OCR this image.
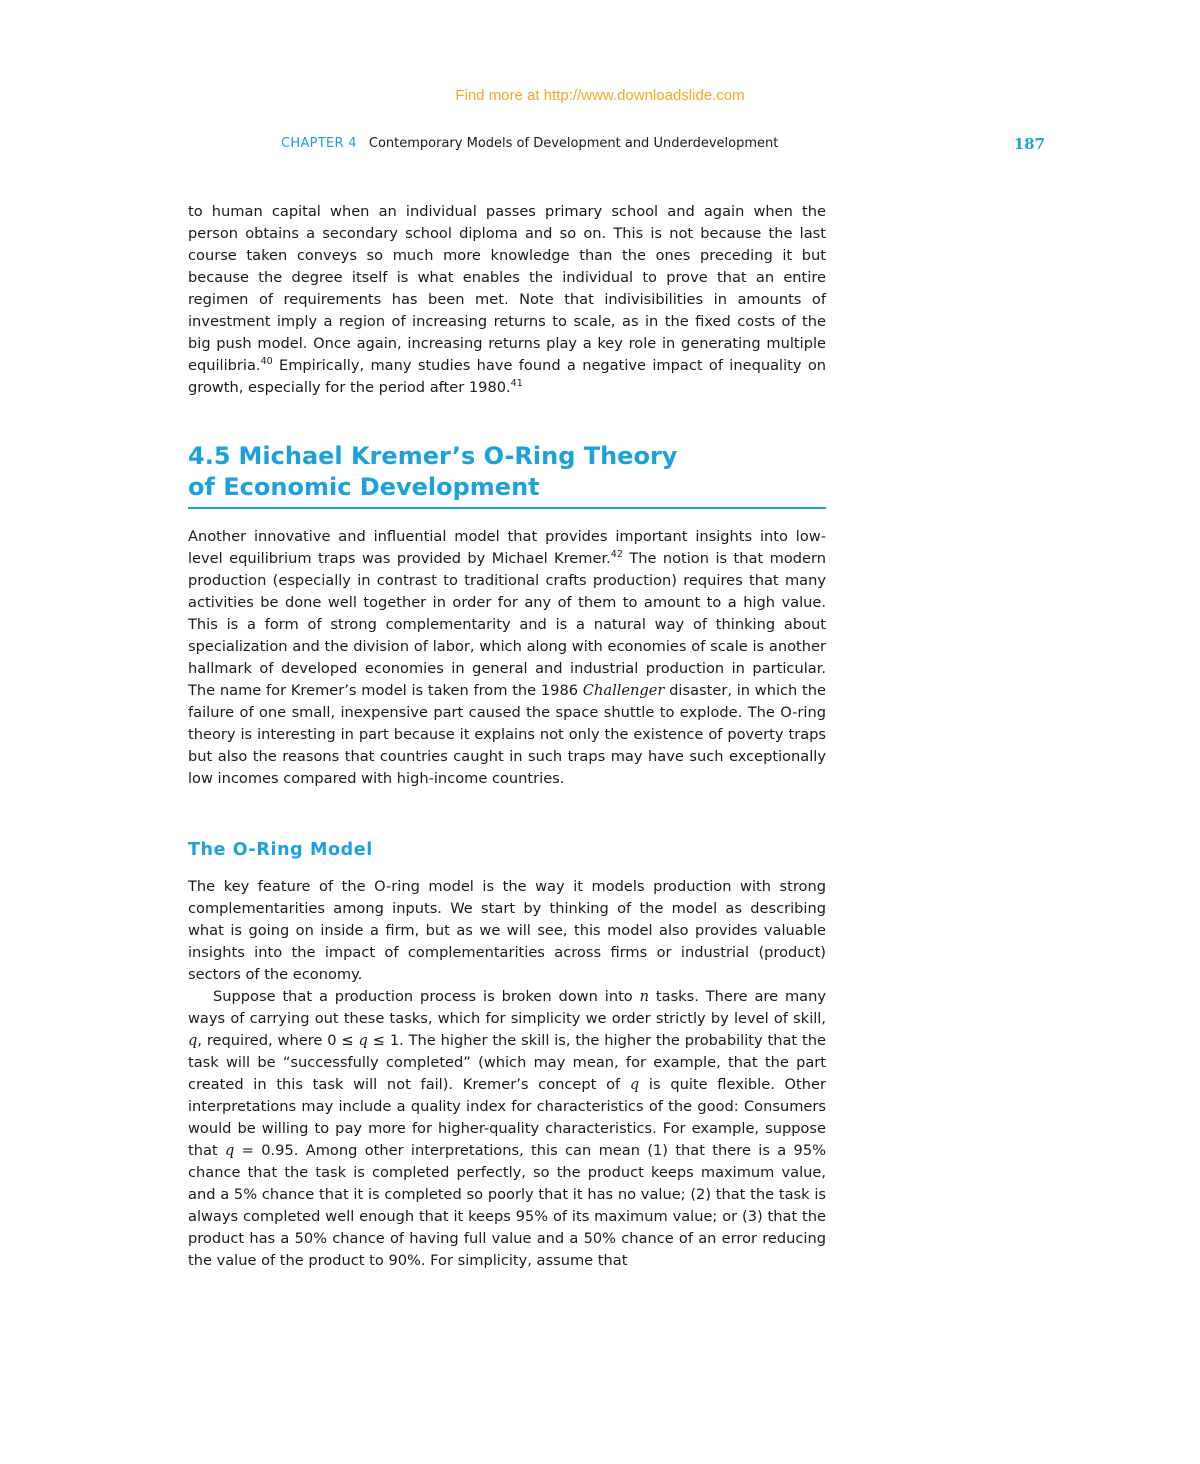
Find more at http://www.downloadslide.com
CHAPTER 4 Contemporary Models of Development and Underdevelopment	187

to human capital when an individual passes primary school and again when the person obtains a secondary school diploma and so on. This is not because the last course taken conveys so much more knowledge than the ones preceding it but because the degree itself is what enables the individual to prove that an entire regimen of requirements has been met. Note that indivisibilities in amounts of investment imply a region of increasing returns to scale, as in the fixed costs of the big push model. Once again, increasing returns play a key role in generating multiple equilibria.$^{40}$ Empirically, many studies have found a negative impact of inequality on growth, especially for the period after 1980.41

4.5 Michael Kremer’s O-Ring Theory
of Economic Development

Another innovative and influential model that provides important insights into low-level equilibrium traps was provided by Michael Kremer.$^{42}$ The notion is that modern production (especially in contrast to traditional crafts production) requires that many activities be done well together in order for any of them to amount to a high value. This is a form of strong complementarity and is a natural way of thinking about specialization and the division of labor, which along with economies of scale is another hallmark of developed economies in general and industrial production in particular. The name for Kremer’s model is taken from the 1986 Challenger disaster, in which the failure of one small, inexpensive part caused the space shuttle to explode. The O-ring theory is interesting in part because it explains not only the existence of poverty traps but also the reasons that countries caught in such traps may have such exceptionally low incomes compared with high-income countries.

The O-Ring Model

The key feature of the O-ring model is the way it models production with strong complementarities among inputs. We start by thinking of the model as describing what is going on inside a firm, but as we will see, this model also provides valuable insights into the impact of complementarities across firms or industrial (product) sectors of the economy.

Suppose that a production process is broken down into n tasks. There are many ways of carrying out these tasks, which for simplicity we order strictly by level of skill, q, required, where 0 ≤ q ≤ 1. The higher the skill is, the higher the probability that the task will be “successfully completed” (which may mean, for example, that the part created in this task will not fail). Kremer’s concept of q is quite flexible. Other interpretations may include a quality index for characteristics of the good: Consumers would be willing to pay more for higher-quality characteristics. For example, suppose that q = 0.95. Among other interpretations, this can mean (1) that there is a 95% chance that the task is completed perfectly, so the product keeps maximum value, and a 5% chance that it is completed so poorly that it has no value; (2) that the task is always completed well enough that it keeps 95% of its maximum value; or (3) that the product has a 50% chance of having full value and a 50% chance of an error reducing the value of the product to 90%. For simplicity, assume that
